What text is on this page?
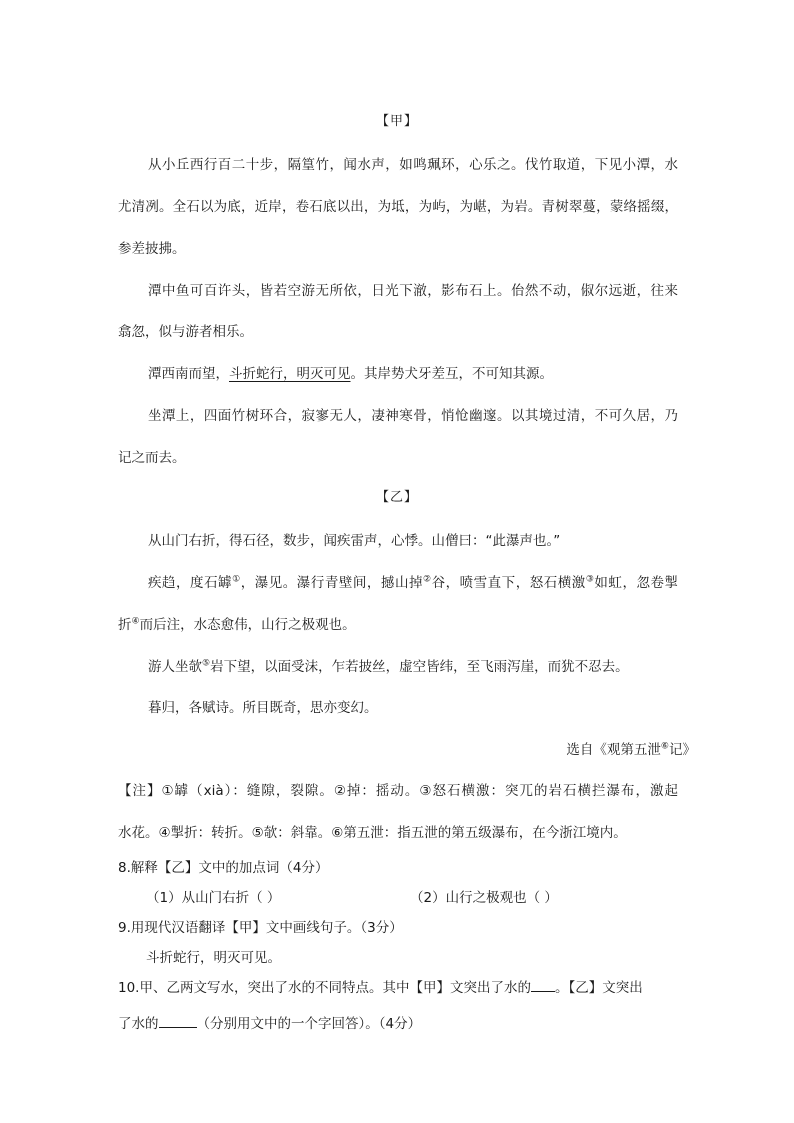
【甲】
从小丘西行百二十步，隔篁竹，闻水声，如鸣珮环，心乐之。伐竹取道，下见小潭，水
尤清冽。全石以为底，近岸，卷石底以出，为坻，为屿，为嵁，为岩。青树翠蔓，蒙络摇缀，
参差披拂。
潭中鱼可百许头，皆若空游无所依，日光下澈，影布石上。佁然不动，俶尔远逝，往来
翕忽，似与游者相乐。
潭西南而望，斗折蛇行，明灭可见。其岸势犬牙差互，不可知其源。
坐潭上，四面竹树环合，寂寥无人，凄神寒骨，悄怆幽邃。以其境过清，不可久居，乃
记之而去。
【乙】
从山门右折，得石径，数步，闻疾雷声，心悸。山僧曰：“此瀑声也。”
疾趋，度石罅①，瀑见。瀑行青壁间，撼山掉②谷，喷雪直下，怒石横激③如虹，忽卷掣
折④而后注，水态愈伟，山行之极观也。
游人坐欹⑤岩下望，以面受沫，乍若披丝，虚空皆纬，至飞雨泻崖，而犹不忍去。
暮归，各赋诗。所目既奇，思亦变幻。
选自《观第五泄⑥记》
【注】①罅（xià）：缝隙，裂隙。②掉：摇动。③怒石横激：突兀的岩石横拦瀑布，激起
水花。④掣折：转折。⑤欹：斜靠。⑥第五泄：指五泄的第五级瀑布，在今浙江境内。
8.解释【乙】文中的加点词（4分）
（1）从山门右折（ ）	（2）山行之极观也（ ）
9.用现代汉语翻译【甲】文中画线句子。（3分）
斗折蛇行，明灭可见。
10.甲、乙两文写水，突出了水的不同特点。其中【甲】文突出了水的 。【乙】文突出
了水的	（分别用文中的一个字回答）。（4分）
